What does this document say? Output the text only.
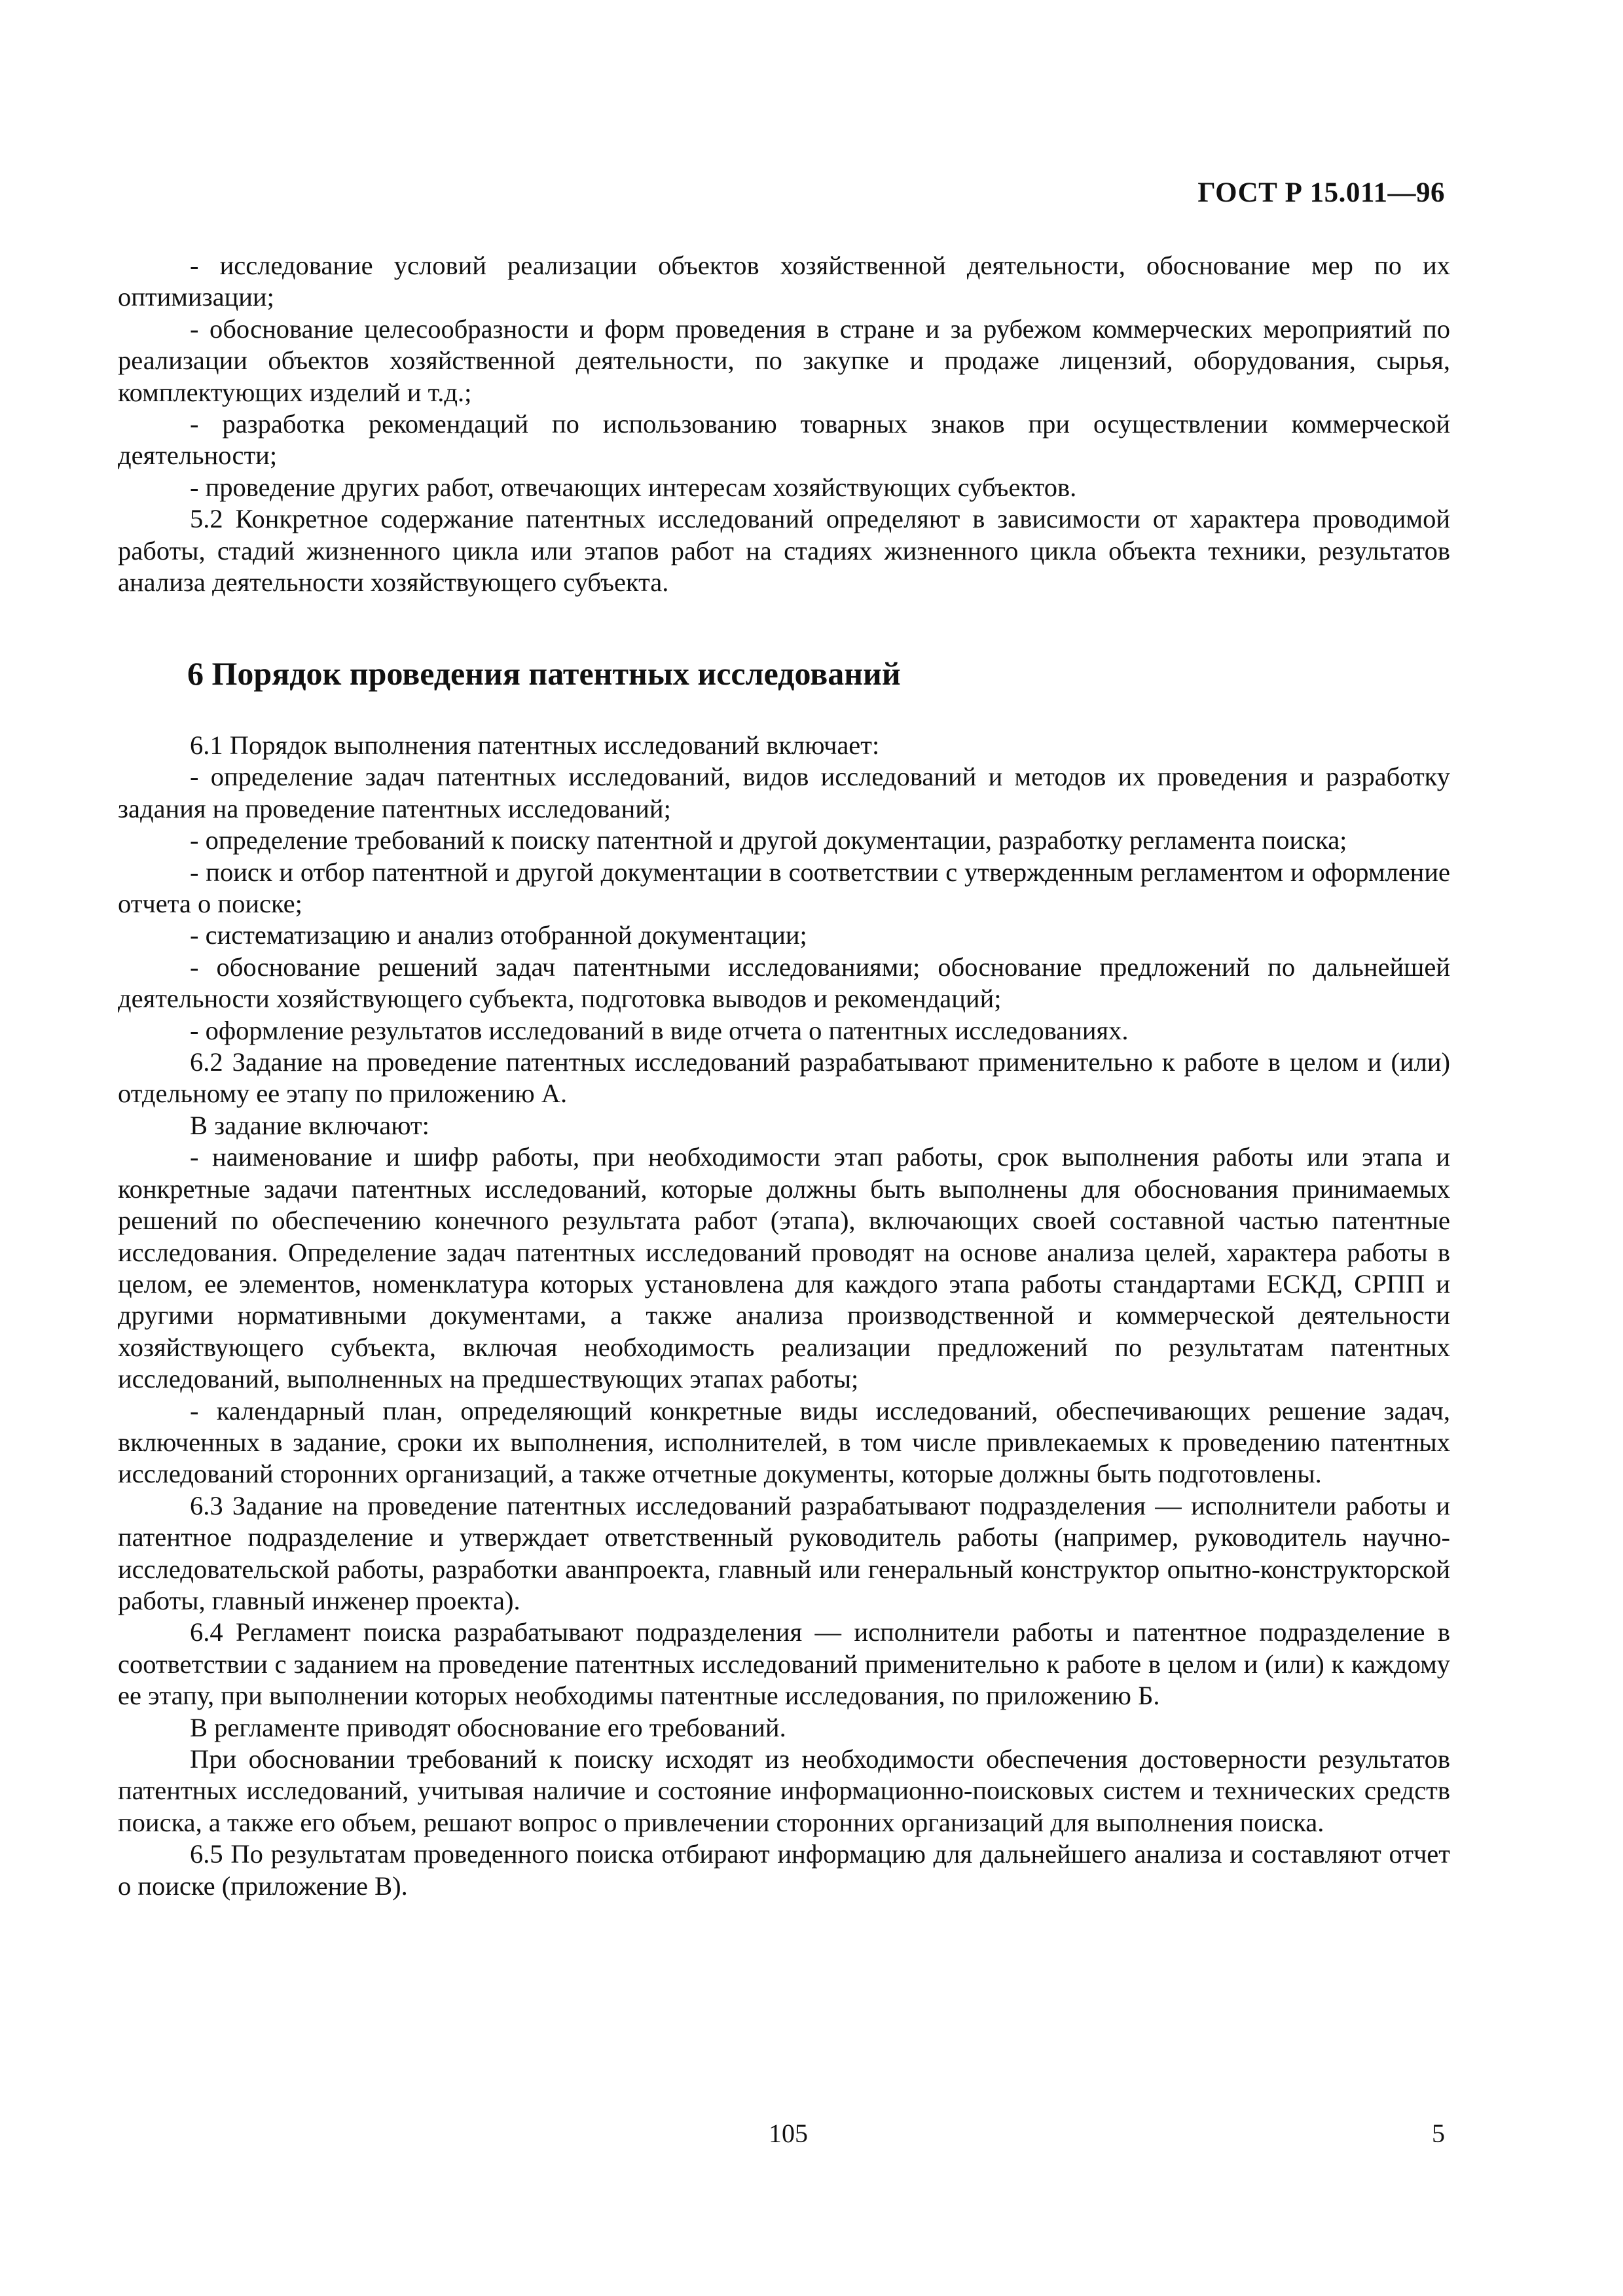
ГОСТ Р 15.011—96

- исследование условий реализации объектов хозяйственной деятельности, обоснование мер по их оптимизации;

- обоснование целесообразности и форм проведения в стране и за рубежом коммерческих мероприятий по реализации объектов хозяйственной деятельности, по закупке и продаже лицензий, оборудования, сырья, комплектующих изделий и т.д.;

- разработка рекомендаций по использованию товарных знаков при осуществлении коммерческой деятельности;

- проведение других работ, отвечающих интересам хозяйствующих субъектов.

5.2 Конкретное содержание патентных исследований определяют в зависимости от характера проводимой работы, стадий жизненного цикла или этапов работ на стадиях жизненного цикла объекта техники, результатов анализа деятельности хозяйствующего субъекта.

6 Порядок проведения патентных исследований

6.1 Порядок выполнения патентных исследований включает:

- определение задач патентных исследований, видов исследований и методов их проведения и разработку задания на проведение патентных исследований;

- определение требований к поиску патентной и другой документации, разработку регламента поиска;

- поиск и отбор патентной и другой документации в соответствии с утвержденным регламентом и оформление отчета о поиске;

- систематизацию и анализ отобранной документации;

- обоснование решений задач патентными исследованиями; обоснование предложений по дальнейшей деятельности хозяйствующего субъекта, подготовка выводов и рекомендаций;

- оформление результатов исследований в виде отчета о патентных исследованиях.

6.2 Задание на проведение патентных исследований разрабатывают применительно к работе в целом и (или) отдельному ее этапу по приложению А.

В задание включают:

- наименование и шифр работы, при необходимости этап работы, срок выполнения работы или этапа и конкретные задачи патентных исследований, которые должны быть выполнены для обоснования принимаемых решений по обеспечению конечного результата работ (этапа), включающих своей составной частью патентные исследования. Определение задач патентных исследований проводят на основе анализа целей, характера работы в целом, ее элементов, номенклатура которых установлена для каждого этапа работы стандартами ЕСКД, СРПП и другими нормативными документами, а также анализа производственной и коммерческой деятельности хозяйствующего субъекта, включая необходимость реализации предложений по результатам патентных исследований, выполненных на предшествующих этапах работы;

- календарный план, определяющий конкретные виды исследований, обеспечивающих решение задач, включенных в задание, сроки их выполнения, исполнителей, в том числе привлекаемых к проведению патентных исследований сторонних организаций, а также отчетные документы, которые должны быть подготовлены.

6.3 Задание на проведение патентных исследований разрабатывают подразделения — исполнители работы и патентное подразделение и утверждает ответственный руководитель работы (например, руководитель научно-исследовательской работы, разработки аванпроекта, главный или генеральный конструктор опытно-конструкторской работы, главный инженер проекта).

6.4 Регламент поиска разрабатывают подразделения — исполнители работы и патентное подразделение в соответствии с заданием на проведение патентных исследований применительно к работе в целом и (или) к каждому ее этапу, при выполнении которых необходимы патентные исследования, по приложению Б.

В регламенте приводят обоснование его требований.

При обосновании требований к поиску исходят из необходимости обеспечения достоверности результатов патентных исследований, учитывая наличие и состояние информационно-поисковых систем и технических средств поиска, а также его объем, решают вопрос о привлечении сторонних организаций для выполнения поиска.

6.5 По результатам проведенного поиска отбирают информацию для дальнейшего анализа и составляют отчет о поиске (приложение В).

105	5
